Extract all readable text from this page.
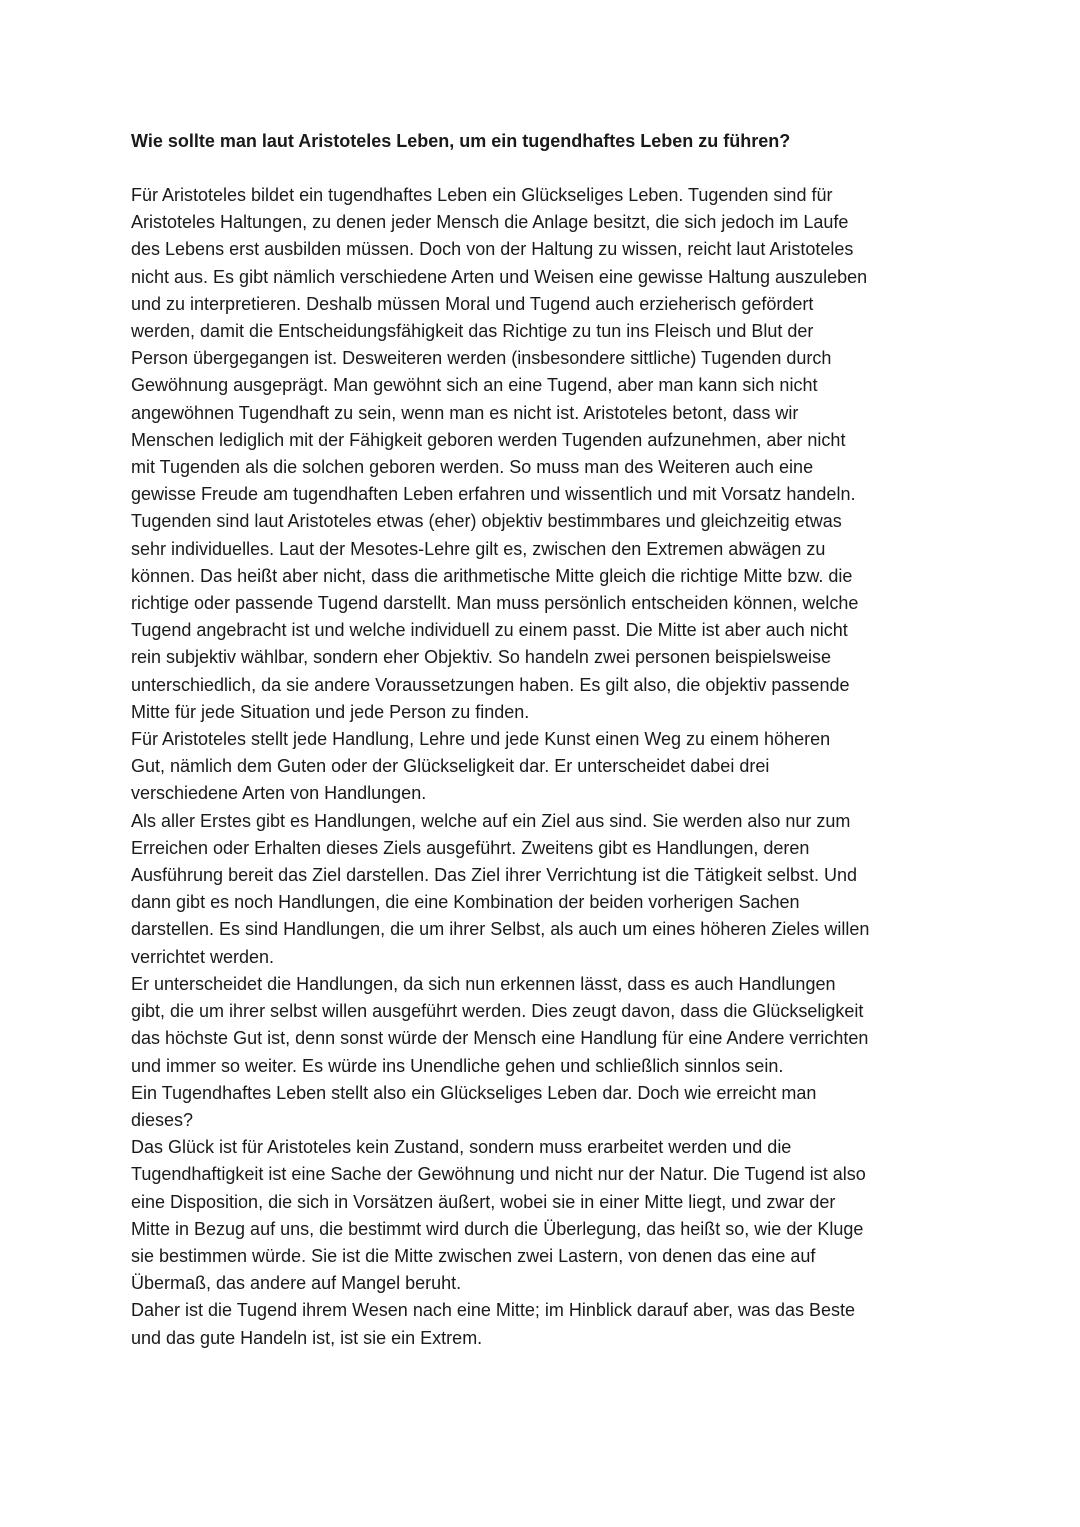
Wie sollte man laut Aristoteles Leben, um ein tugendhaftes Leben zu führen?

Für Aristoteles bildet ein tugendhaftes Leben ein Glückseliges Leben. Tugenden sind für
Aristoteles Haltungen, zu denen jeder Mensch die Anlage besitzt, die sich jedoch im Laufe
des Lebens erst ausbilden müssen. Doch von der Haltung zu wissen, reicht laut Aristoteles
nicht aus. Es gibt nämlich verschiedene Arten und Weisen eine gewisse Haltung auszuleben
und zu interpretieren. Deshalb müssen Moral und Tugend auch erzieherisch gefördert
werden, damit die Entscheidungsfähigkeit das Richtige zu tun ins Fleisch und Blut der
Person übergegangen ist. Desweiteren werden (insbesondere sittliche) Tugenden durch
Gewöhnung ausgeprägt. Man gewöhnt sich an eine Tugend, aber man kann sich nicht
angewöhnen Tugendhaft zu sein, wenn man es nicht ist. Aristoteles betont, dass wir
Menschen lediglich mit der Fähigkeit geboren werden Tugenden aufzunehmen, aber nicht
mit Tugenden als die solchen geboren werden. So muss man des Weiteren auch eine
gewisse Freude am tugendhaften Leben erfahren und wissentlich und mit Vorsatz handeln.
Tugenden sind laut Aristoteles etwas (eher) objektiv bestimmbares und gleichzeitig etwas
sehr individuelles. Laut der Mesotes-Lehre gilt es, zwischen den Extremen abwägen zu
können. Das heißt aber nicht, dass die arithmetische Mitte gleich die richtige Mitte bzw. die
richtige oder passende Tugend darstellt. Man muss persönlich entscheiden können, welche
Tugend angebracht ist und welche individuell zu einem passt. Die Mitte ist aber auch nicht
rein subjektiv wählbar, sondern eher Objektiv. So handeln zwei personen beispielsweise
unterschiedlich, da sie andere Voraussetzungen haben. Es gilt also, die objektiv passende
Mitte für jede Situation und jede Person zu finden.

Für Aristoteles stellt jede Handlung, Lehre und jede Kunst einen Weg zu einem höheren
Gut, nämlich dem Guten oder der Glückseligkeit dar. Er unterscheidet dabei drei
verschiedene Arten von Handlungen.

Als aller Erstes gibt es Handlungen, welche auf ein Ziel aus sind. Sie werden also nur zum
Erreichen oder Erhalten dieses Ziels ausgeführt. Zweitens gibt es Handlungen, deren
Ausführung bereit das Ziel darstellen. Das Ziel ihrer Verrichtung ist die Tätigkeit selbst. Und
dann gibt es noch Handlungen, die eine Kombination der beiden vorherigen Sachen
darstellen. Es sind Handlungen, die um ihrer Selbst, als auch um eines höheren Zieles willen
verrichtet werden.

Er unterscheidet die Handlungen, da sich nun erkennen lässt, dass es auch Handlungen
gibt, die um ihrer selbst willen ausgeführt werden. Dies zeugt davon, dass die Glückseligkeit
das höchste Gut ist, denn sonst würde der Mensch eine Handlung für eine Andere verrichten
und immer so weiter. Es würde ins Unendliche gehen und schließlich sinnlos sein.

Ein Tugendhaftes Leben stellt also ein Glückseliges Leben dar. Doch wie erreicht man
dieses?

Das Glück ist für Aristoteles kein Zustand, sondern muss erarbeitet werden und die
Tugendhaftigkeit ist eine Sache der Gewöhnung und nicht nur der Natur. Die Tugend ist also
eine Disposition, die sich in Vorsätzen äußert, wobei sie in einer Mitte liegt, und zwar der
Mitte in Bezug auf uns, die bestimmt wird durch die Überlegung, das heißt so, wie der Kluge
sie bestimmen würde. Sie ist die Mitte zwischen zwei Lastern, von denen das eine auf
Übermaß, das andere auf Mangel beruht.

Daher ist die Tugend ihrem Wesen nach eine Mitte; im Hinblick darauf aber, was das Beste
und das gute Handeln ist, ist sie ein Extrem.
